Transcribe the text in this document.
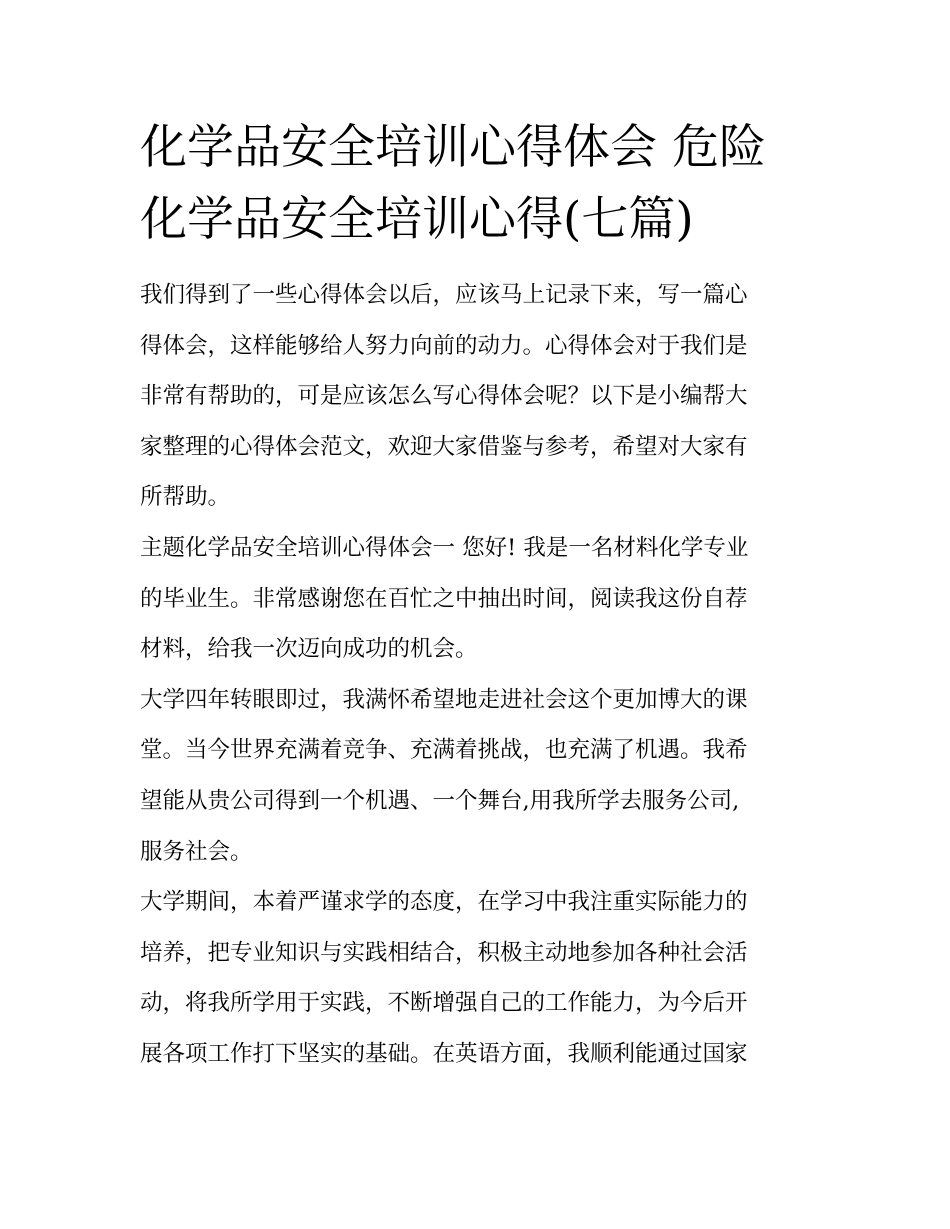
化学品安全培训心得体会 危险
化学品安全培训心得(七篇)

我们得到了一些心得体会以后，应该马上记录下来，写一篇心
得体会，这样能够给人努力向前的动力。心得体会对于我们是
非常有帮助的，可是应该怎么写心得体会呢？以下是小编帮大
家整理的心得体会范文，欢迎大家借鉴与参考，希望对大家有
所帮助。

主题化学品安全培训心得体会一 您好! 我是一名材料化学专业
的毕业生。非常感谢您在百忙之中抽出时间，阅读我这份自荐
材料，给我一次迈向成功的机会。

大学四年转眼即过，我满怀希望地走进社会这个更加博大的课
堂。当今世界充满着竞争、充满着挑战，也充满了机遇。我希
望能从贵公司得到一个机遇、一个舞台,用我所学去服务公司,
服务社会。

大学期间，本着严谨求学的态度，在学习中我注重实际能力的
培养，把专业知识与实践相结合，积极主动地参加各种社会活
动，将我所学用于实践，不断增强自己的工作能力，为今后开
展各项工作打下坚实的基础。在英语方面，我顺利能通过国家
